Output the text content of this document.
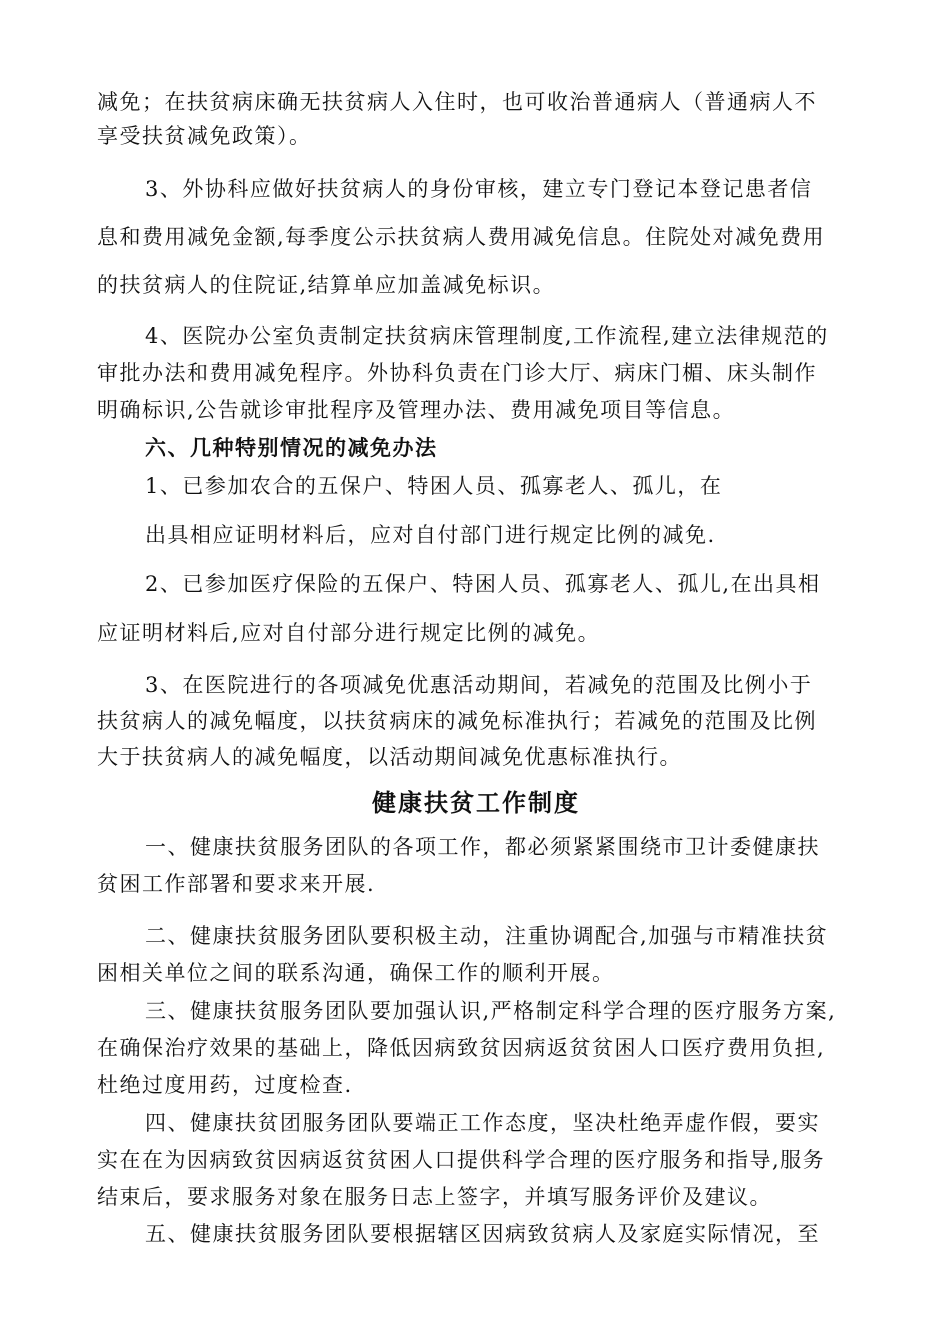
减免；在扶贫病床确无扶贫病人入住时，也可收治普通病人（普通病人不
享受扶贫减免政策）。
3、外协科应做好扶贫病人的身份审核，建立专门登记本登记患者信
息和费用减免金额,每季度公示扶贫病人费用减免信息。住院处对减免费用
的扶贫病人的住院证,结算单应加盖减免标识。
4、医院办公室负责制定扶贫病床管理制度,工作流程,建立法律规范的
审批办法和费用减免程序。外协科负责在门诊大厅、病床门楣、床头制作
明确标识,公告就诊审批程序及管理办法、费用减免项目等信息。
六、几种特别情况的减免办法
1、已参加农合的五保户、特困人员、孤寡老人、孤儿，在
出具相应证明材料后，应对自付部门进行规定比例的减免.
2、已参加医疗保险的五保户、特困人员、孤寡老人、孤儿,在出具相
应证明材料后,应对自付部分进行规定比例的减免。
3、在医院进行的各项减免优惠活动期间，若减免的范围及比例小于
扶贫病人的减免幅度，以扶贫病床的减免标准执行；若减免的范围及比例
大于扶贫病人的减免幅度，以活动期间减免优惠标准执行。
健康扶贫工作制度
一、健康扶贫服务团队的各项工作，都必须紧紧围绕市卫计委健康扶
贫困工作部署和要求来开展.
二、健康扶贫服务团队要积极主动，注重协调配合,加强与市精准扶贫
困相关单位之间的联系沟通，确保工作的顺利开展。
三、健康扶贫服务团队要加强认识,严格制定科学合理的医疗服务方案,
在确保治疗效果的基础上，降低因病致贫因病返贫贫困人口医疗费用负担,
杜绝过度用药，过度检查.
四、健康扶贫团服务团队要端正工作态度，坚决杜绝弄虚作假，要实
实在在为因病致贫因病返贫贫困人口提供科学合理的医疗服务和指导,服务
结束后，要求服务对象在服务日志上签字，并填写服务评价及建议。
五、健康扶贫服务团队要根据辖区因病致贫病人及家庭实际情况，至
